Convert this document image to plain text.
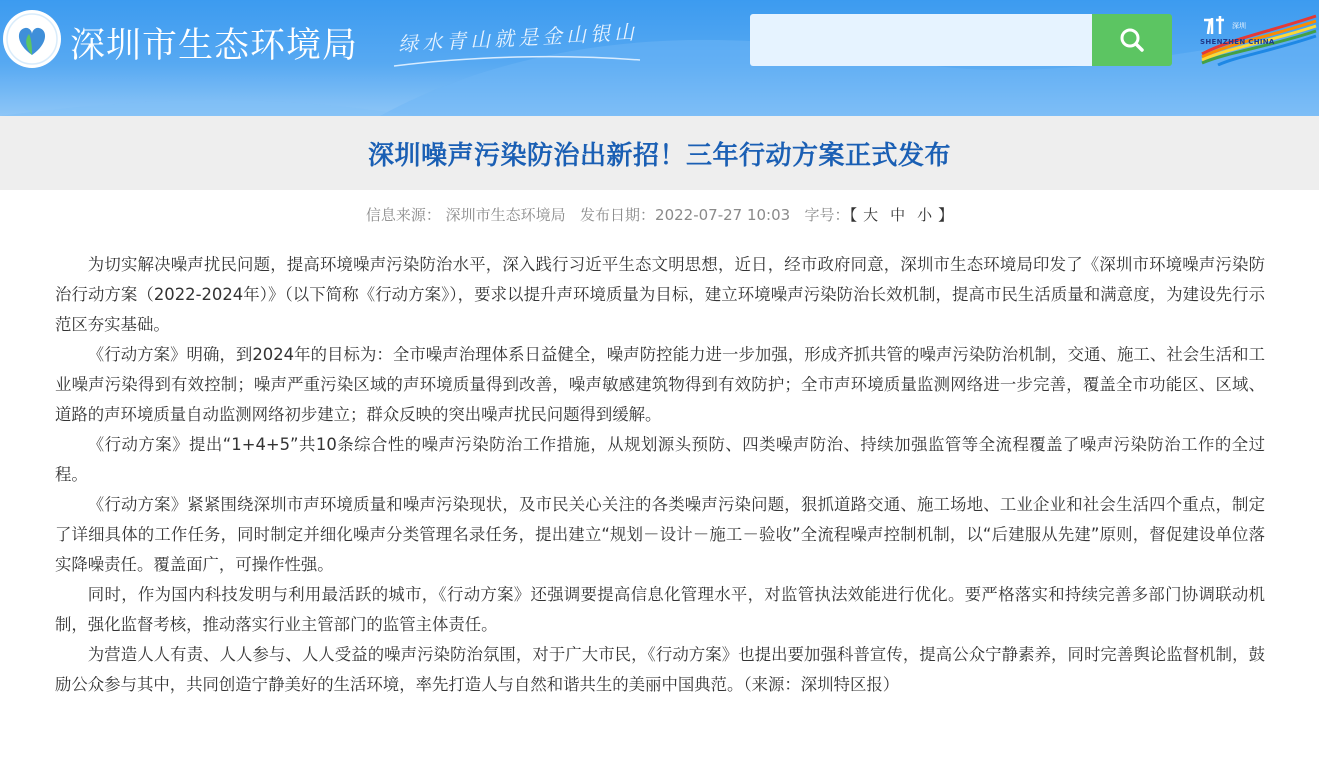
深圳市生态环境局 绿水青山就是金山银山	深圳
SHENZHEN CHINA
深圳噪声污染防治出新招！三年行动方案正式发布
信息来源： 深圳市生态环境局 发布日期：2022-07-27 10:03 字号：【 大 中 小 】

为切实解决噪声扰民问题，提高环境噪声污染防治水平，深入践行习近平生态文明思想，近日，经市政府同意，深圳市生态环境局印发了《深圳市环境噪声污染防治行动方案（2022-2024年）》（以下简称《行动方案》），要求以提升声环境质量为目标，建立环境噪声污染防治长效机制，提高市民生活质量和满意度，为建设先行示范区夯实基础。

《行动方案》明确，到2024年的目标为：全市噪声治理体系日益健全，噪声防控能力进一步加强，形成齐抓共管的噪声污染防治机制，交通、施工、社会生活和工业噪声污染得到有效控制；噪声严重污染区域的声环境质量得到改善，噪声敏感建筑物得到有效防护；全市声环境质量监测网络进一步完善，覆盖全市功能区、区域、道路的声环境质量自动监测网络初步建立；群众反映的突出噪声扰民问题得到缓解。

《行动方案》提出“1+4+5”共10条综合性的噪声污染防治工作措施，从规划源头预防、四类噪声防治、持续加强监管等全流程覆盖了噪声污染防治工作的全过程。

《行动方案》紧紧围绕深圳市声环境质量和噪声污染现状，及市民关心关注的各类噪声污染问题，狠抓道路交通、施工场地、工业企业和社会生活四个重点，制定了详细具体的工作任务，同时制定并细化噪声分类管理名录任务，提出建立“规划－设计－施工－验收”全流程噪声控制机制，以“后建服从先建”原则，督促建设单位落实降噪责任。覆盖面广，可操作性强。

同时，作为国内科技发明与利用最活跃的城市，《行动方案》还强调要提高信息化管理水平，对监管执法效能进行优化。要严格落实和持续完善多部门协调联动机制，强化监督考核，推动落实行业主管部门的监管主体责任。

为营造人人有责、人人参与、人人受益的噪声污染防治氛围，对于广大市民，《行动方案》也提出要加强科普宣传，提高公众宁静素养，同时完善舆论监督机制，鼓励公众参与其中，共同创造宁静美好的生活环境，率先打造人与自然和谐共生的美丽中国典范。（来源：深圳特区报）
